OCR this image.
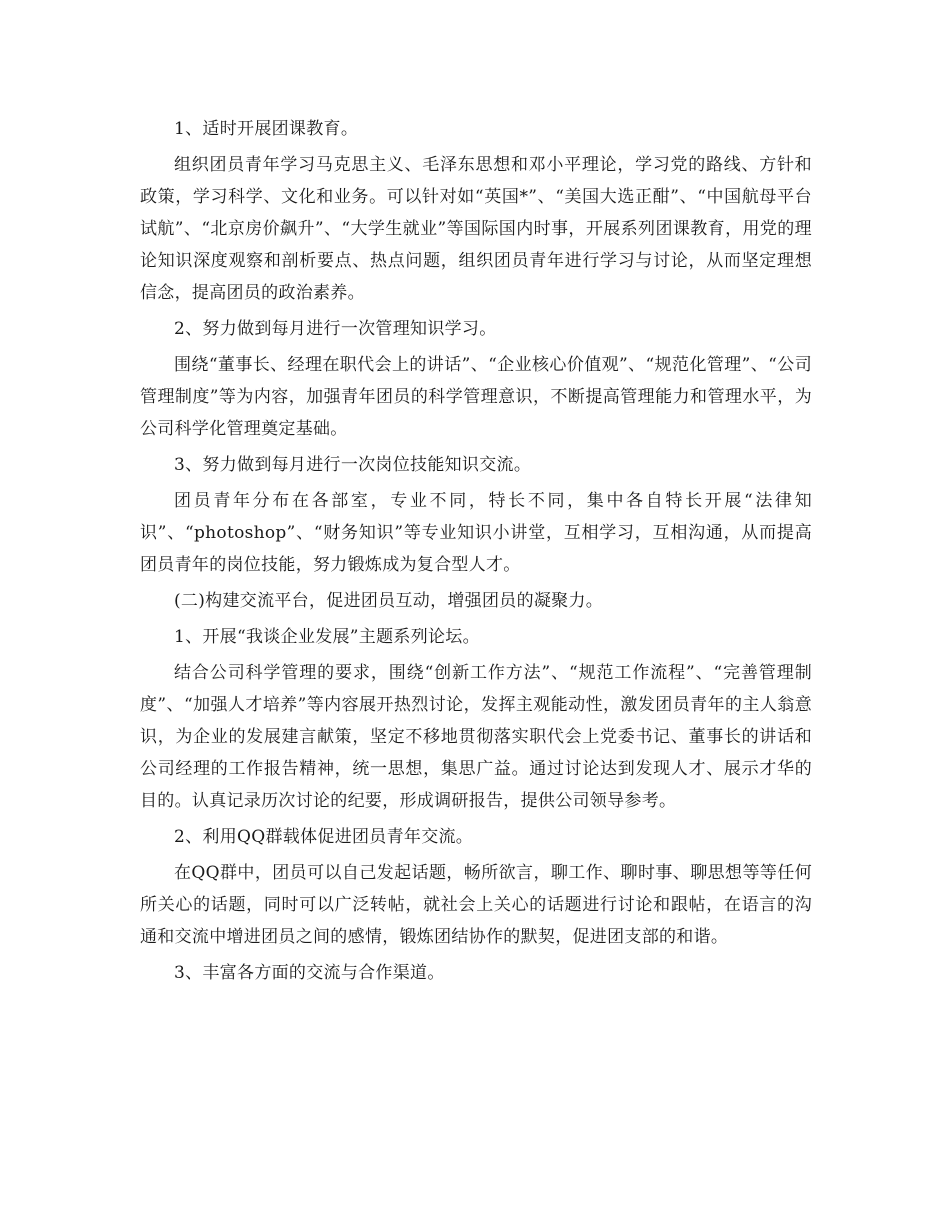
1、适时开展团课教育。

组织团员青年学习马克思主义、毛泽东思想和邓小平理论，学习党的路线、方针和政策，学习科学、文化和业务。可以针对如“英国*”、“美国大选正酣”、“中国航母平台试航”、“北京房价飙升”、“大学生就业”等国际国内时事，开展系列团课教育，用党的理论知识深度观察和剖析要点、热点问题，组织团员青年进行学习与讨论，从而坚定理想信念，提高团员的政治素养。

2、努力做到每月进行一次管理知识学习。

围绕“董事长、经理在职代会上的讲话”、“企业核心价值观”、“规范化管理”、“公司管理制度”等为内容，加强青年团员的科学管理意识，不断提高管理能力和管理水平，为公司科学化管理奠定基础。

3、努力做到每月进行一次岗位技能知识交流。

团员青年分布在各部室，专业不同，特长不同，集中各自特长开展“法律知识”、“photoshop”、“财务知识”等专业知识小讲堂，互相学习，互相沟通，从而提高团员青年的岗位技能，努力锻炼成为复合型人才。

(二)构建交流平台，促进团员互动，增强团员的凝聚力。

1、开展“我谈企业发展”主题系列论坛。

结合公司科学管理的要求，围绕“创新工作方法”、“规范工作流程”、“完善管理制度”、“加强人才培养”等内容展开热烈讨论，发挥主观能动性，激发团员青年的主人翁意识，为企业的发展建言献策，坚定不移地贯彻落实职代会上党委书记、董事长的讲话和公司经理的工作报告精神，统一思想，集思广益。通过讨论达到发现人才、展示才华的目的。认真记录历次讨论的纪要，形成调研报告，提供公司领导参考。

2、利用QQ群载体促进团员青年交流。

在QQ群中，团员可以自己发起话题，畅所欲言，聊工作、聊时事、聊思想等等任何所关心的话题，同时可以广泛转帖，就社会上关心的话题进行讨论和跟帖，在语言的沟通和交流中增进团员之间的感情，锻炼团结协作的默契，促进团支部的和谐。

3、丰富各方面的交流与合作渠道。
